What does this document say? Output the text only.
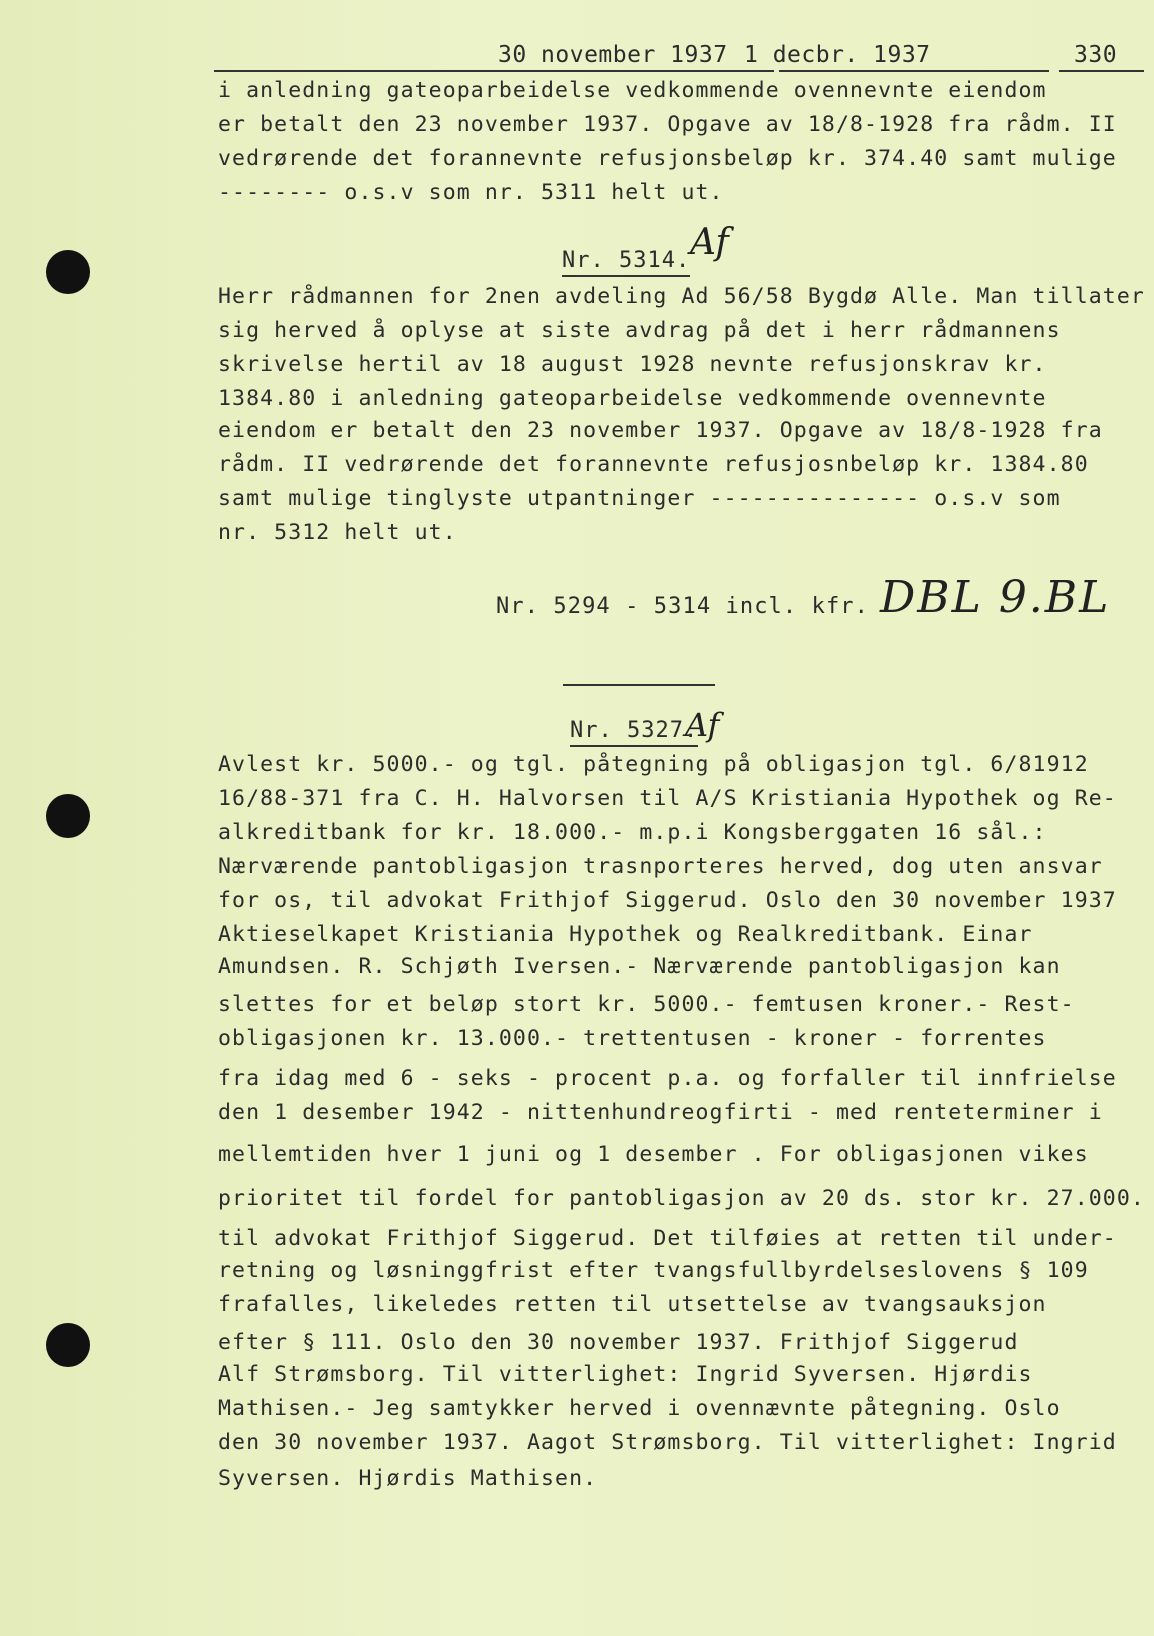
30 november 1937 1 decbr. 1937	330
i anledning gateoparbeidelse vedkommende ovennevnte eiendom
er betalt den 23 november 1937. Opgave av 18/8-1928 fra rådm. II
vedrørende det forannevnte refusjonsbeløp kr. 374.40 samt mulige
-------- o.s.v som nr. 5311 helt ut.
Nr. 5314. Af
Herr rådmannen for 2nen avdeling Ad 56/58 Bygdø Alle. Man tillater
sig herved å oplyse at siste avdrag på det i herr rådmannens
skrivelse hertil av 18 august 1928 nevnte refusjonskrav kr.
1384.80 i anledning gateoparbeidelse vedkommende ovennevnte
eiendom er betalt den 23 november 1937. Opgave av 18/8-1928 fra
rådm. II vedrørende det forannevnte refusjosnbeløp kr. 1384.80
samt mulige tinglyste utpantninger --------------- o.s.v som
nr. 5312 helt ut.
Nr. 5294 - 5314 incl. kfr. DBL 9.BL
Nr. 5327.
Af
Avlest kr. 5000.- og tgl. påtegning på obligasjon tgl. 6/81912
16/88-371 fra C. H. Halvorsen til A/S Kristiania Hypothek og Re-
alkreditbank for kr. 18.000.- m.p.i Kongsberggaten 16 sål.:
Nærværende pantobligasjon trasnporteres herved, dog uten ansvar
for os, til advokat Frithjof Siggerud. Oslo den 30 november 1937
Aktieselkapet Kristiania Hypothek og Realkreditbank. Einar
Amundsen. R. Schjøth Iversen.- Nærværende pantobligasjon kan
slettes for et beløp stort kr. 5000.- femtusen kroner.- Rest-
obligasjonen kr. 13.000.- trettentusen - kroner - forrentes
fra idag med 6 - seks - procent p.a. og forfaller til innfrielse
den 1 desember 1942 - nittenhundreogfirti - med renteterminer i
mellemtiden hver 1 juni og 1 desember . For obligasjonen vikes
prioritet til fordel for pantobligasjon av 20 ds. stor kr. 27.000.
til advokat Frithjof Siggerud. Det tilføies at retten til under-
retning og løsninggfrist efter tvangsfullbyrdelseslovens § 109
frafalles, likeledes retten til utsettelse av tvangsauksjon
efter § 111. Oslo den 30 november 1937. Frithjof Siggerud
Alf Strømsborg. Til vitterlighet: Ingrid Syversen. Hjørdis
Mathisen.- Jeg samtykker herved i ovennævnte påtegning. Oslo
den 30 november 1937. Aagot Strømsborg. Til vitterlighet: Ingrid
Syversen. Hjørdis Mathisen.
